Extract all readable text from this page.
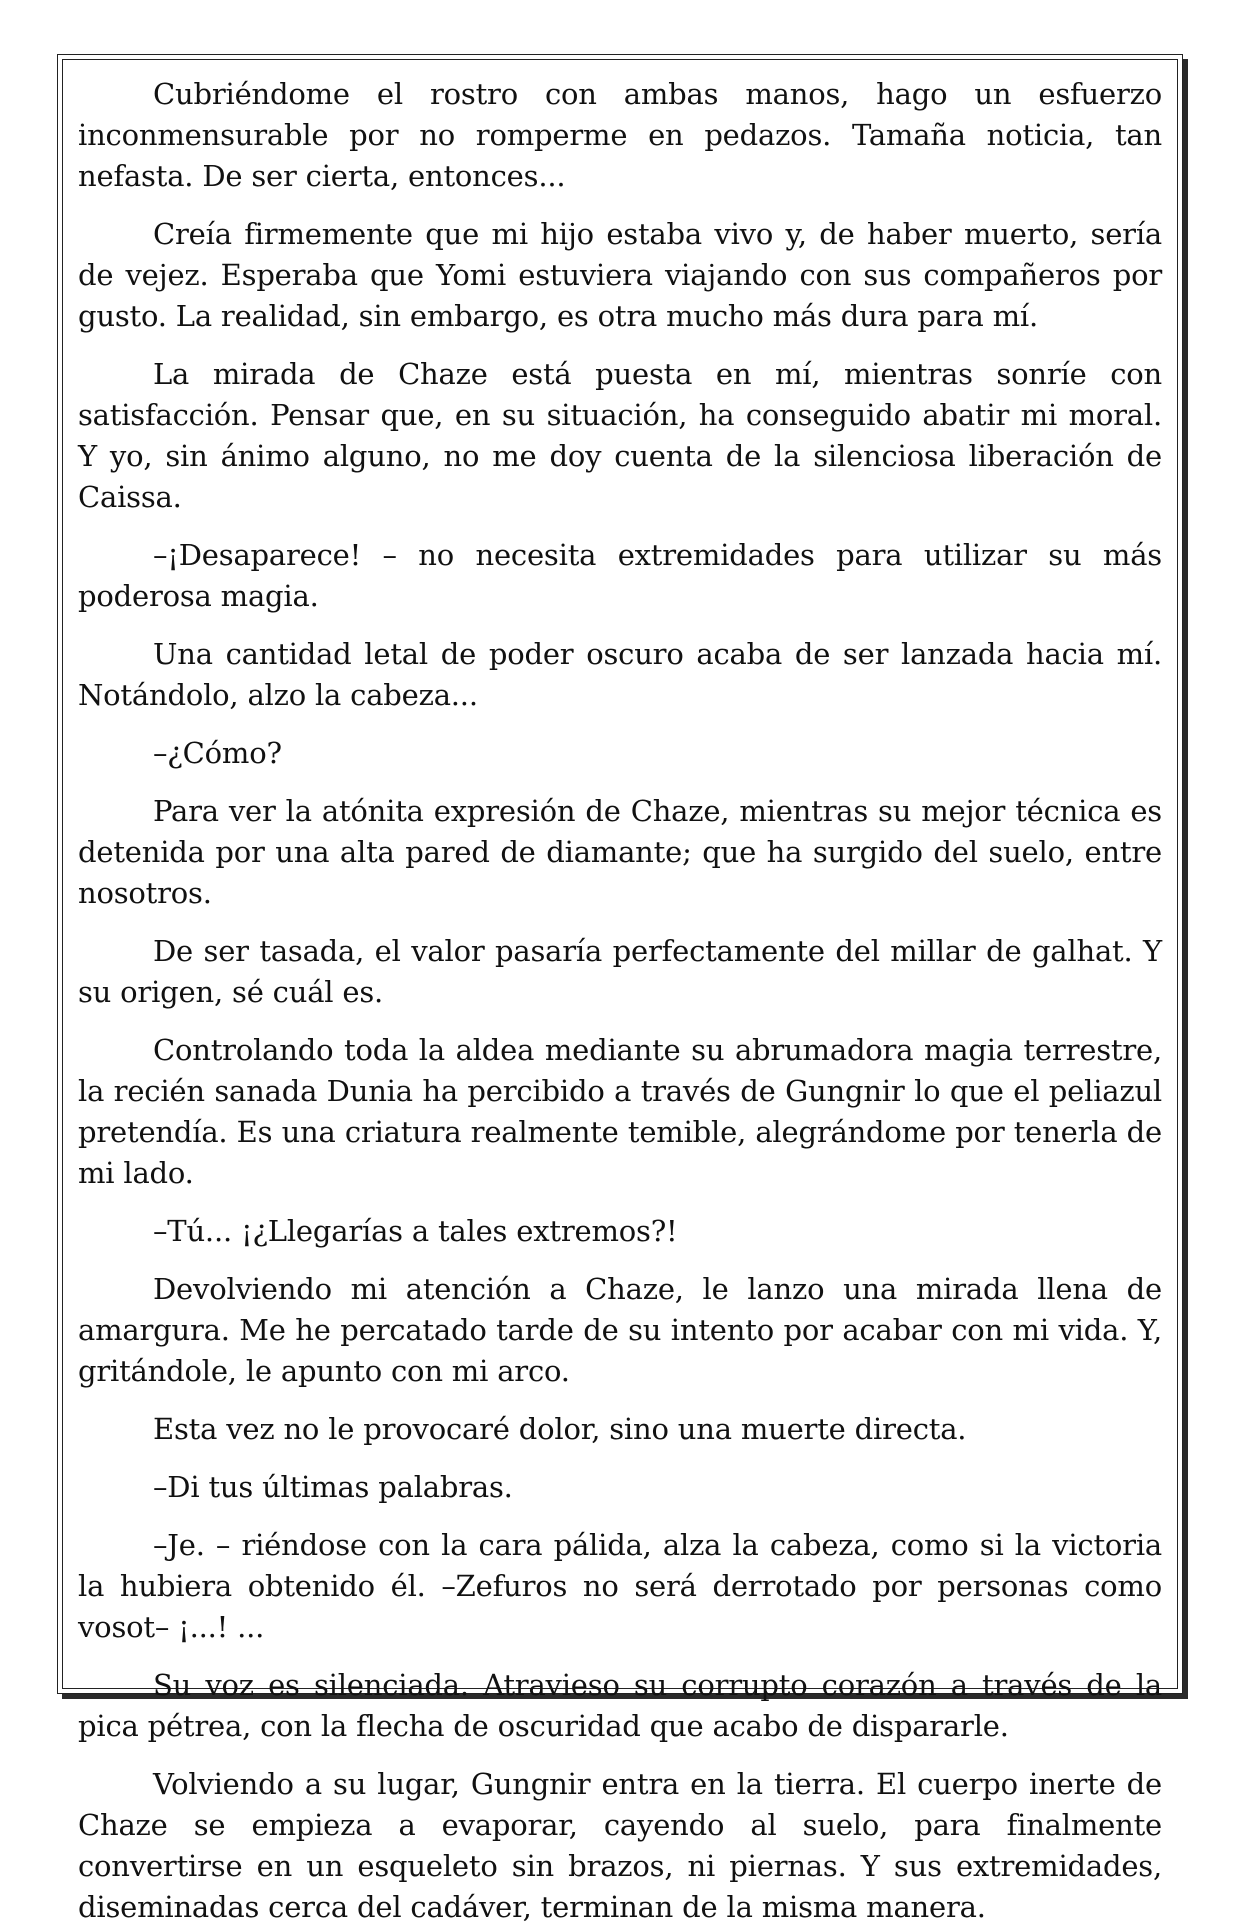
Cubriéndome el rostro con ambas manos, hago un esfuerzo inconmensurable por no romperme en pedazos. Tamaña noticia, tan nefasta. De ser cierta, entonces...

Creía firmemente que mi hijo estaba vivo y, de haber muerto, sería de vejez. Esperaba que Yomi estuviera viajando con sus compañeros por gusto. La realidad, sin embargo, es otra mucho más dura para mí.

La mirada de Chaze está puesta en mí, mientras sonríe con satisfacción. Pensar que, en su situación, ha conseguido abatir mi moral. Y yo, sin ánimo alguno, no me doy cuenta de la silenciosa liberación de Caissa.

–¡Desaparece! – no necesita extremidades para utilizar su más poderosa magia.

Una cantidad letal de poder oscuro acaba de ser lanzada hacia mí. Notándolo, alzo la cabeza...

–¿Cómo?

Para ver la atónita expresión de Chaze, mientras su mejor técnica es detenida por una alta pared de diamante; que ha surgido del suelo, entre nosotros.

De ser tasada, el valor pasaría perfectamente del millar de galhat. Y su origen, sé cuál es.

Controlando toda la aldea mediante su abrumadora magia terrestre, la recién sanada Dunia ha percibido a través de Gungnir lo que el peliazul pretendía. Es una criatura realmente temible, alegrándome por tenerla de mi lado.

–Tú... ¡¿Llegarías a tales extremos?!

Devolviendo mi atención a Chaze, le lanzo una mirada llena de amargura. Me he percatado tarde de su intento por acabar con mi vida. Y, gritándole, le apunto con mi arco.

Esta vez no le provocaré dolor, sino una muerte directa.

–Di tus últimas palabras.

–Je. – riéndose con la cara pálida, alza la cabeza, como si la victoria la hubiera obtenido él. –Zefuros no será derrotado por personas como vosot– ¡...! ...

Su voz es silenciada. Atravieso su corrupto corazón a través de la pica pétrea, con la flecha de oscuridad que acabo de dispararle.

Volviendo a su lugar, Gungnir entra en la tierra. El cuerpo inerte de Chaze se empieza a evaporar, cayendo al suelo, para finalmente convertirse en un esqueleto sin brazos, ni piernas. Y sus extremidades, diseminadas cerca del cadáver, terminan de la misma manera.
